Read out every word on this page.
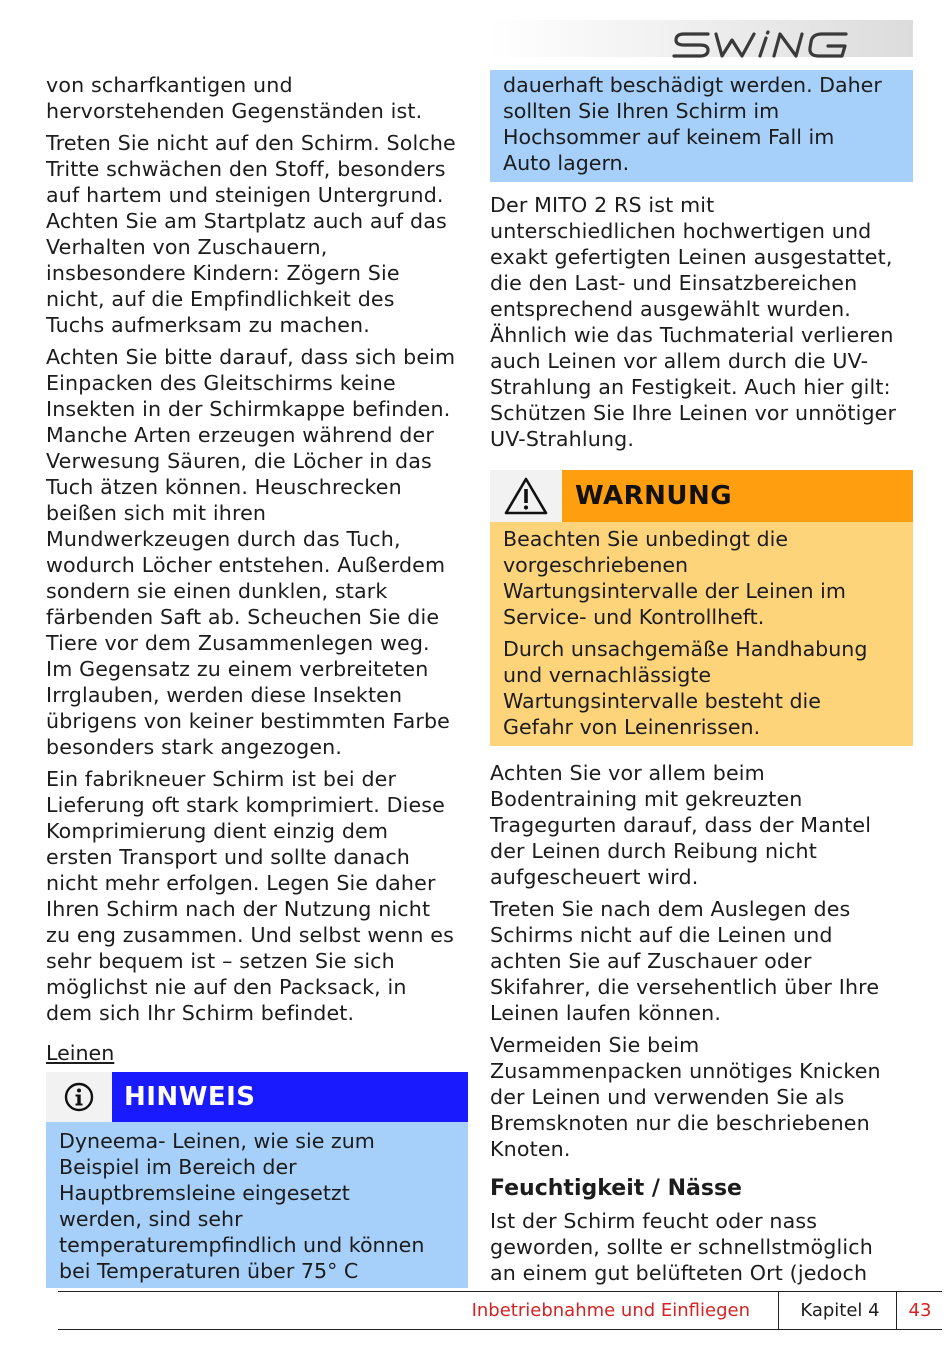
von scharfkantigen und
hervorstehenden Gegenständen ist.

Treten Sie nicht auf den Schirm. Solche
Tritte schwächen den Stoff, besonders
auf hartem und steinigen Untergrund.
Achten Sie am Startplatz auch auf das
Verhalten von Zuschauern,
insbesondere Kindern: Zögern Sie
nicht, auf die Empfindlichkeit des
Tuchs aufmerksam zu machen.

Achten Sie bitte darauf, dass sich beim
Einpacken des Gleitschirms keine
Insekten in der Schirmkappe befinden.
Manche Arten erzeugen während der
Verwesung Säuren, die Löcher in das
Tuch ätzen können. Heuschrecken
beißen sich mit ihren
Mundwerkzeugen durch das Tuch,
wodurch Löcher entstehen. Außerdem
sondern sie einen dunklen, stark
färbenden Saft ab. Scheuchen Sie die
Tiere vor dem Zusammenlegen weg.
Im Gegensatz zu einem verbreiteten
Irrglauben, werden diese Insekten
übrigens von keiner bestimmten Farbe
besonders stark angezogen.

Ein fabrikneuer Schirm ist bei der
Lieferung oft stark komprimiert. Diese
Komprimierung dient einzig dem
ersten Transport und sollte danach
nicht mehr erfolgen. Legen Sie daher
Ihren Schirm nach der Nutzung nicht
zu eng zusammen. Und selbst wenn es
sehr bequem ist – setzen Sie sich
möglichst nie auf den Packsack, in
dem sich Ihr Schirm befindet.

Leinen
HINWEIS

Dyneema- Leinen, wie sie zum
Beispiel im Bereich der
Hauptbremsleine eingesetzt
werden, sind sehr
temperaturempfindlich und können
bei Temperaturen über 75° C

dauerhaft beschädigt werden. Daher
sollten Sie Ihren Schirm im
Hochsommer auf keinem Fall im
Auto lagern.

Der MITO 2 RS ist mit
unterschiedlichen hochwertigen und
exakt gefertigten Leinen ausgestattet,
die den Last- und Einsatzbereichen
entsprechend ausgewählt wurden.
Ähnlich wie das Tuchmaterial verlieren
auch Leinen vor allem durch die UV-
Strahlung an Festigkeit. Auch hier gilt:
Schützen Sie Ihre Leinen vor unnötiger
UV-Strahlung.

WARNUNG

Beachten Sie unbedingt die
vorgeschriebenen
Wartungsintervalle der Leinen im
Service- und Kontrollheft.

Durch unsachgemäße Handhabung
und vernachlässigte
Wartungsintervalle besteht die
Gefahr von Leinenrissen.

Achten Sie vor allem beim
Bodentraining mit gekreuzten
Tragegurten darauf, dass der Mantel
der Leinen durch Reibung nicht
aufgescheuert wird.

Treten Sie nach dem Auslegen des
Schirms nicht auf die Leinen und
achten Sie auf Zuschauer oder
Skifahrer, die versehentlich über Ihre
Leinen laufen können.

Vermeiden Sie beim
Zusammenpacken unnötiges Knicken
der Leinen und verwenden Sie als
Bremsknoten nur die beschriebenen
Knoten.

Feuchtigkeit / Nässe

Ist der Schirm feucht oder nass
geworden, sollte er schnellstmöglich
an einem gut belüfteten Ort (jedoch

Inbetriebnahme und Einfliegen	Kapitel 4	43
